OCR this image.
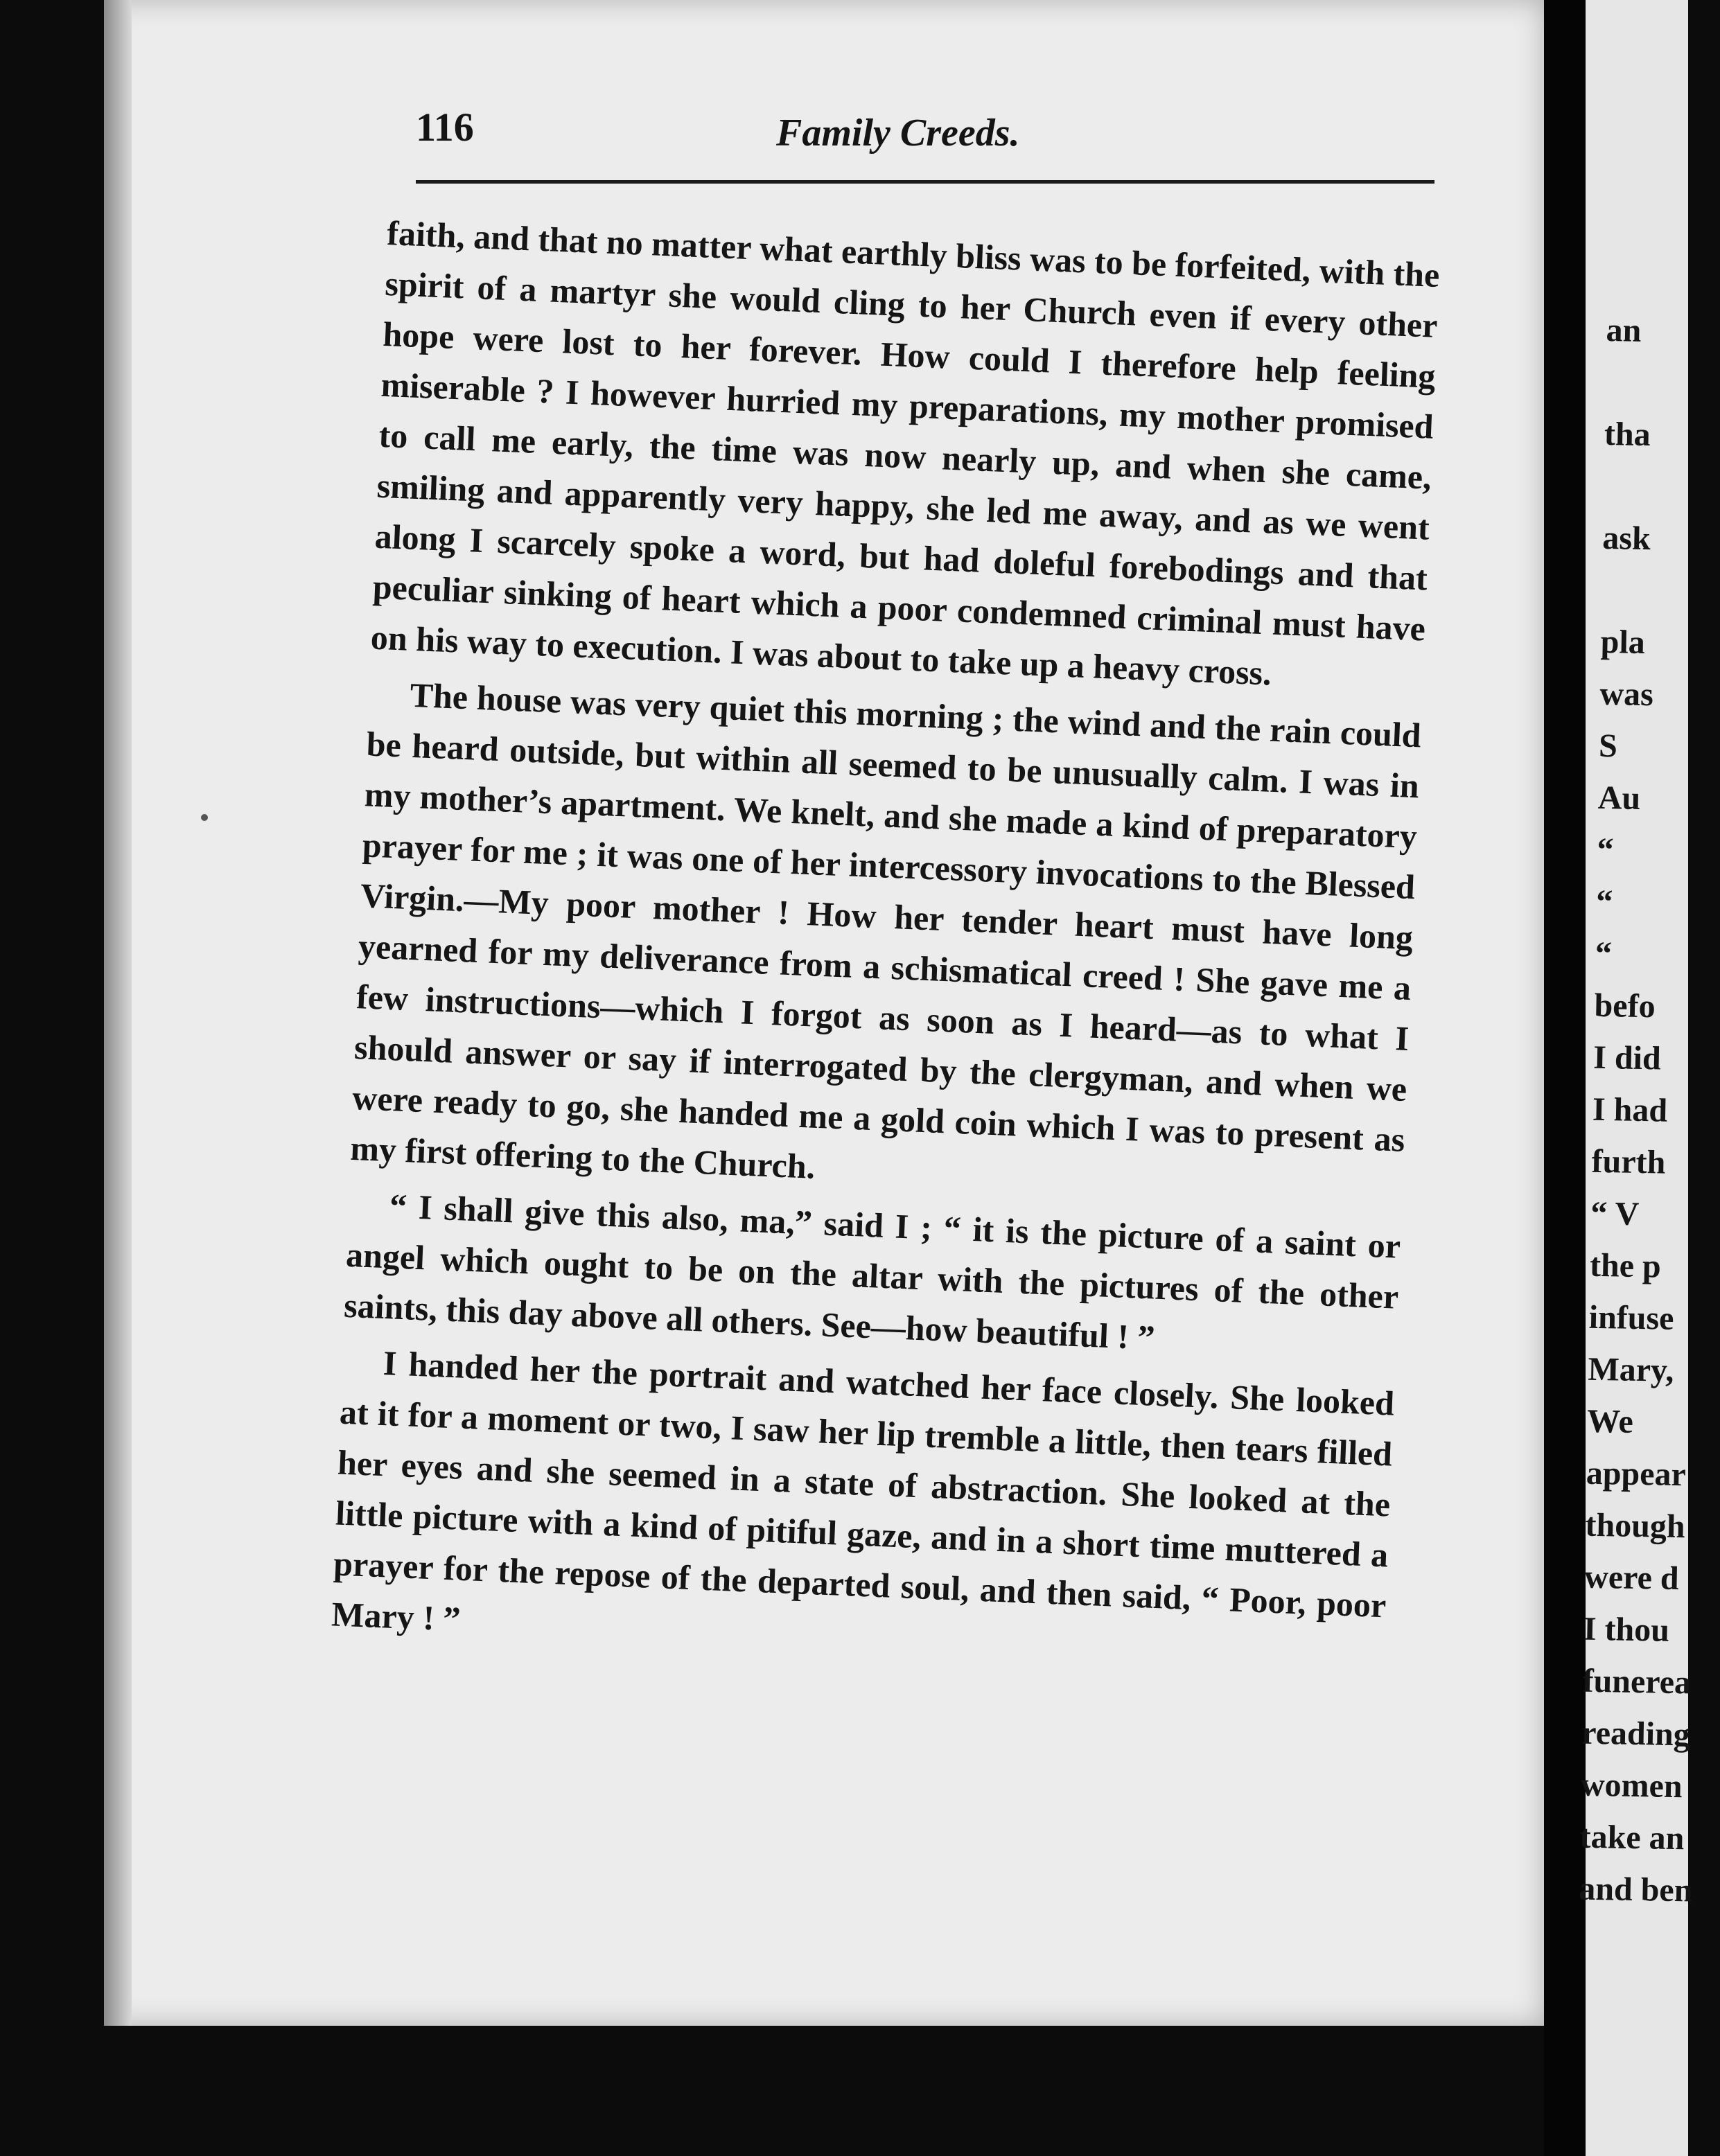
an
tha
ask
pla
was
S
Au
“
“
“
befo
I did
I had
furth
“ V
the p
infuse
Mary,
We
appear
though
were d
I thou
funerea
reading
women
take an
and ben
116	Family Creeds.

faith, and that no matter what earthly bliss was to be forfeited, with the spirit of a martyr she would cling to her Church even if every other hope were lost to her forever. How could I therefore help feeling miserable ? I however hurried my preparations, my mother promised to call me early, the time was now nearly up, and when she came, smiling and apparently very happy, she led me away, and as we went along I scarcely spoke a word, but had doleful forebodings and that peculiar sinking of heart which a poor condemned criminal must have on his way to execution. I was about to take up a heavy cross.

The house was very quiet this morning ; the wind and the rain could be heard outside, but within all seemed to be unusually calm. I was in my mother’s apartment. We knelt, and she made a kind of preparatory prayer for me ; it was one of her intercessory invocations to the Blessed Virgin.—My poor mother ! How her tender heart must have long yearned for my deliverance from a schismatical creed ! She gave me a few instructions—which I forgot as soon as I heard—as to what I should answer or say if interrogated by the clergyman, and when we were ready to go, she handed me a gold coin which I was to present as my first offering to the Church.

“ I shall give this also, ma,” said I ; “ it is the picture of a saint or angel which ought to be on the altar with the pictures of the other saints, this day above all others. See—how beautiful ! ”

I handed her the portrait and watched her face closely. She looked at it for a moment or two, I saw her lip tremble a little, then tears filled her eyes and she seemed in a state of abstraction. She looked at the little picture with a kind of pitiful gaze, and in a short time muttered a prayer for the repose of the departed soul, and then said, “ Poor, poor Mary ! ”
